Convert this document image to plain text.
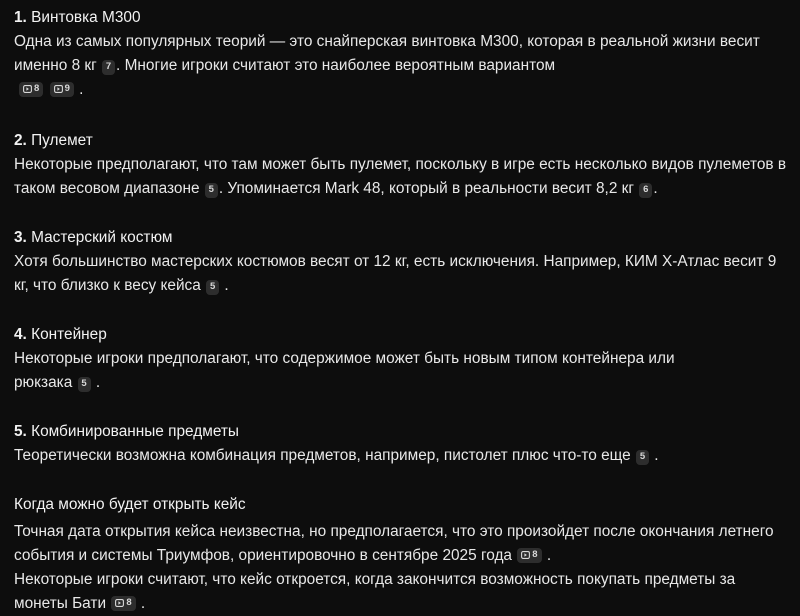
1. Винтовка M300

Одна из самых популярных теорий — это снайперская винтовка M300, которая в реальной жизни весит именно 8 кг 7 . Многие игроки считают это наиболее вероятным вариантом

8
	9 .

2. Пулемет

Некоторые предполагают, что там может быть пулемет, поскольку в игре есть несколько видов пулеметов в таком весовом диапазоне 5 . Упоминается Mark 48, который в реальности весит 8,2 кг 6 .

3. Мастерский костюм

Хотя большинство мастерских костюмов весят от 12 кг, есть исключения. Например, КИМ X-Атлас весит 9 кг, что близко к весу кейса 5 .

4. Контейнер

Некоторые игроки предполагают, что содержимое может быть новым типом контейнера или рюкзака 5 .

5. Комбинированные предметы

Теоретически возможна комбинация предметов, например, пистолет плюс что-то еще 5 .

Когда можно будет открыть кейс

Точная дата открытия кейса неизвестна, но предполагается, что это произойдет после окончания летнего события и системы Триумфов, ориентировочно в сентябре 2025 года 8 .
Некоторые игроки считают, что кейс откроется, когда закончится возможность покупать предметы за монеты Бати 8 .
